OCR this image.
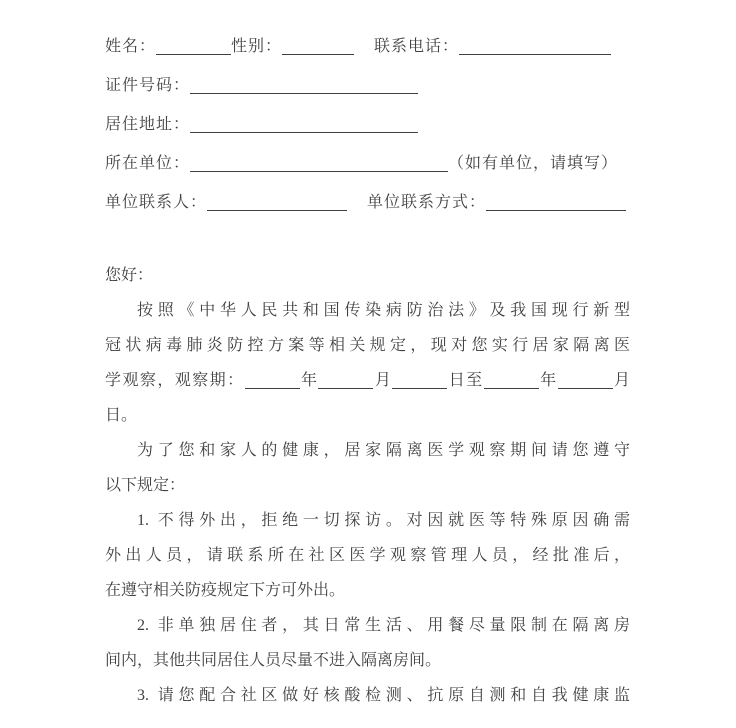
姓名：	性别：	联系电话：
证件号码：
居住地址：
所在单位：	（如有单位，请填写）
单位联系人：	单位联系方式：
您好：
按照《中华人民共和国传染病防治法》及我国现行新型
冠状病毒肺炎防控方案等相关规定，现对您实行居家隔离医
学观察，观察期：	年	月	日至	年	月
日。
为了您和家人的健康，居家隔离医学观察期间请您遵守
以下规定：
1. 不得外出，拒绝一切探访。对因就医等特殊原因确需
外出人员，请联系所在社区医学观察管理人员，经批准后，
在遵守相关防疫规定下方可外出。
2. 非单独居住者，其日常生活、用餐尽量限制在隔离房
间内，其他共同居住人员尽量不进入隔离房间。
3. 请您配合社区做好核酸检测、抗原自测和自我健康监
